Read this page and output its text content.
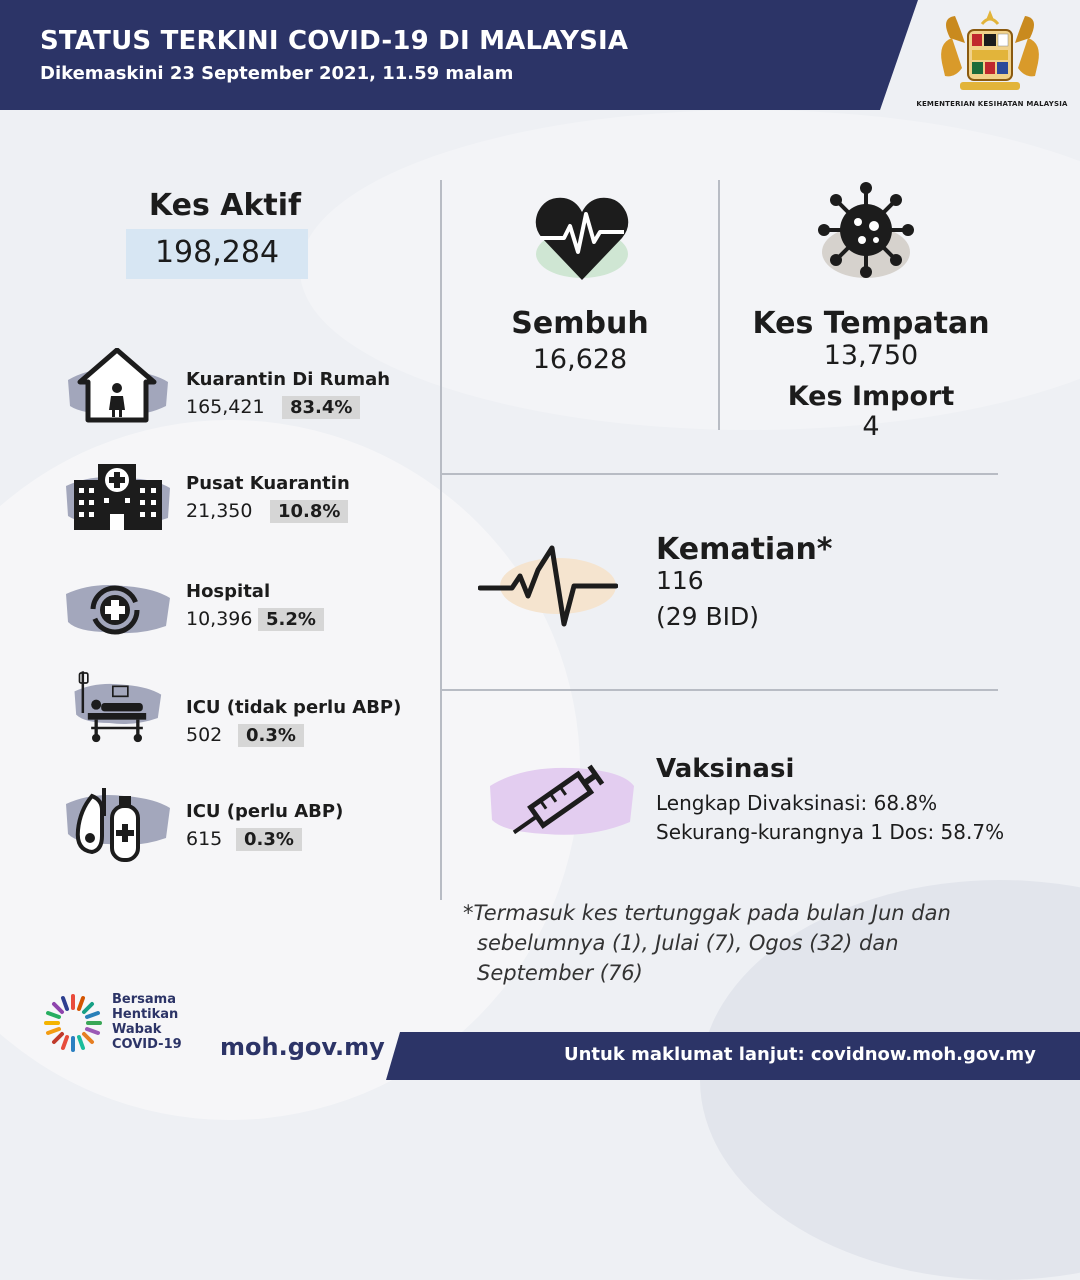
STATUS TERKINI COVID-19 DI MALAYSIA
Dikemaskini 23 September 2021, 11.59 malam
KEMENTERIAN KESIHATAN MALAYSIA
Kes Aktif
198,284
Kuarantin Di Rumah
165,421	83.4%
Pusat Kuarantin
21,350	10.8%
Hospital
10,396 5.2%
ICU (tidak perlu ABP)
502	0.3%
ICU (perlu ABP)
615	0.3%
Sembuh
16,628
Kes Tempatan
13,750
Kes Import
4
Kematian*
116
(29 BID)
Vaksinasi
Lengkap Divaksinasi: 68.8%
Sekurang-kurangnya 1 Dos: 58.7%
*Termasuk kes tertunggak pada bulan Jun dan
sebelumnya (1), Julai (7), Ogos (32) dan
September (76)
Untuk maklumat lanjut: covidnow.moh.gov.my
Bersama
Hentikan
Wabak
COVID-19 moh.gov.my
